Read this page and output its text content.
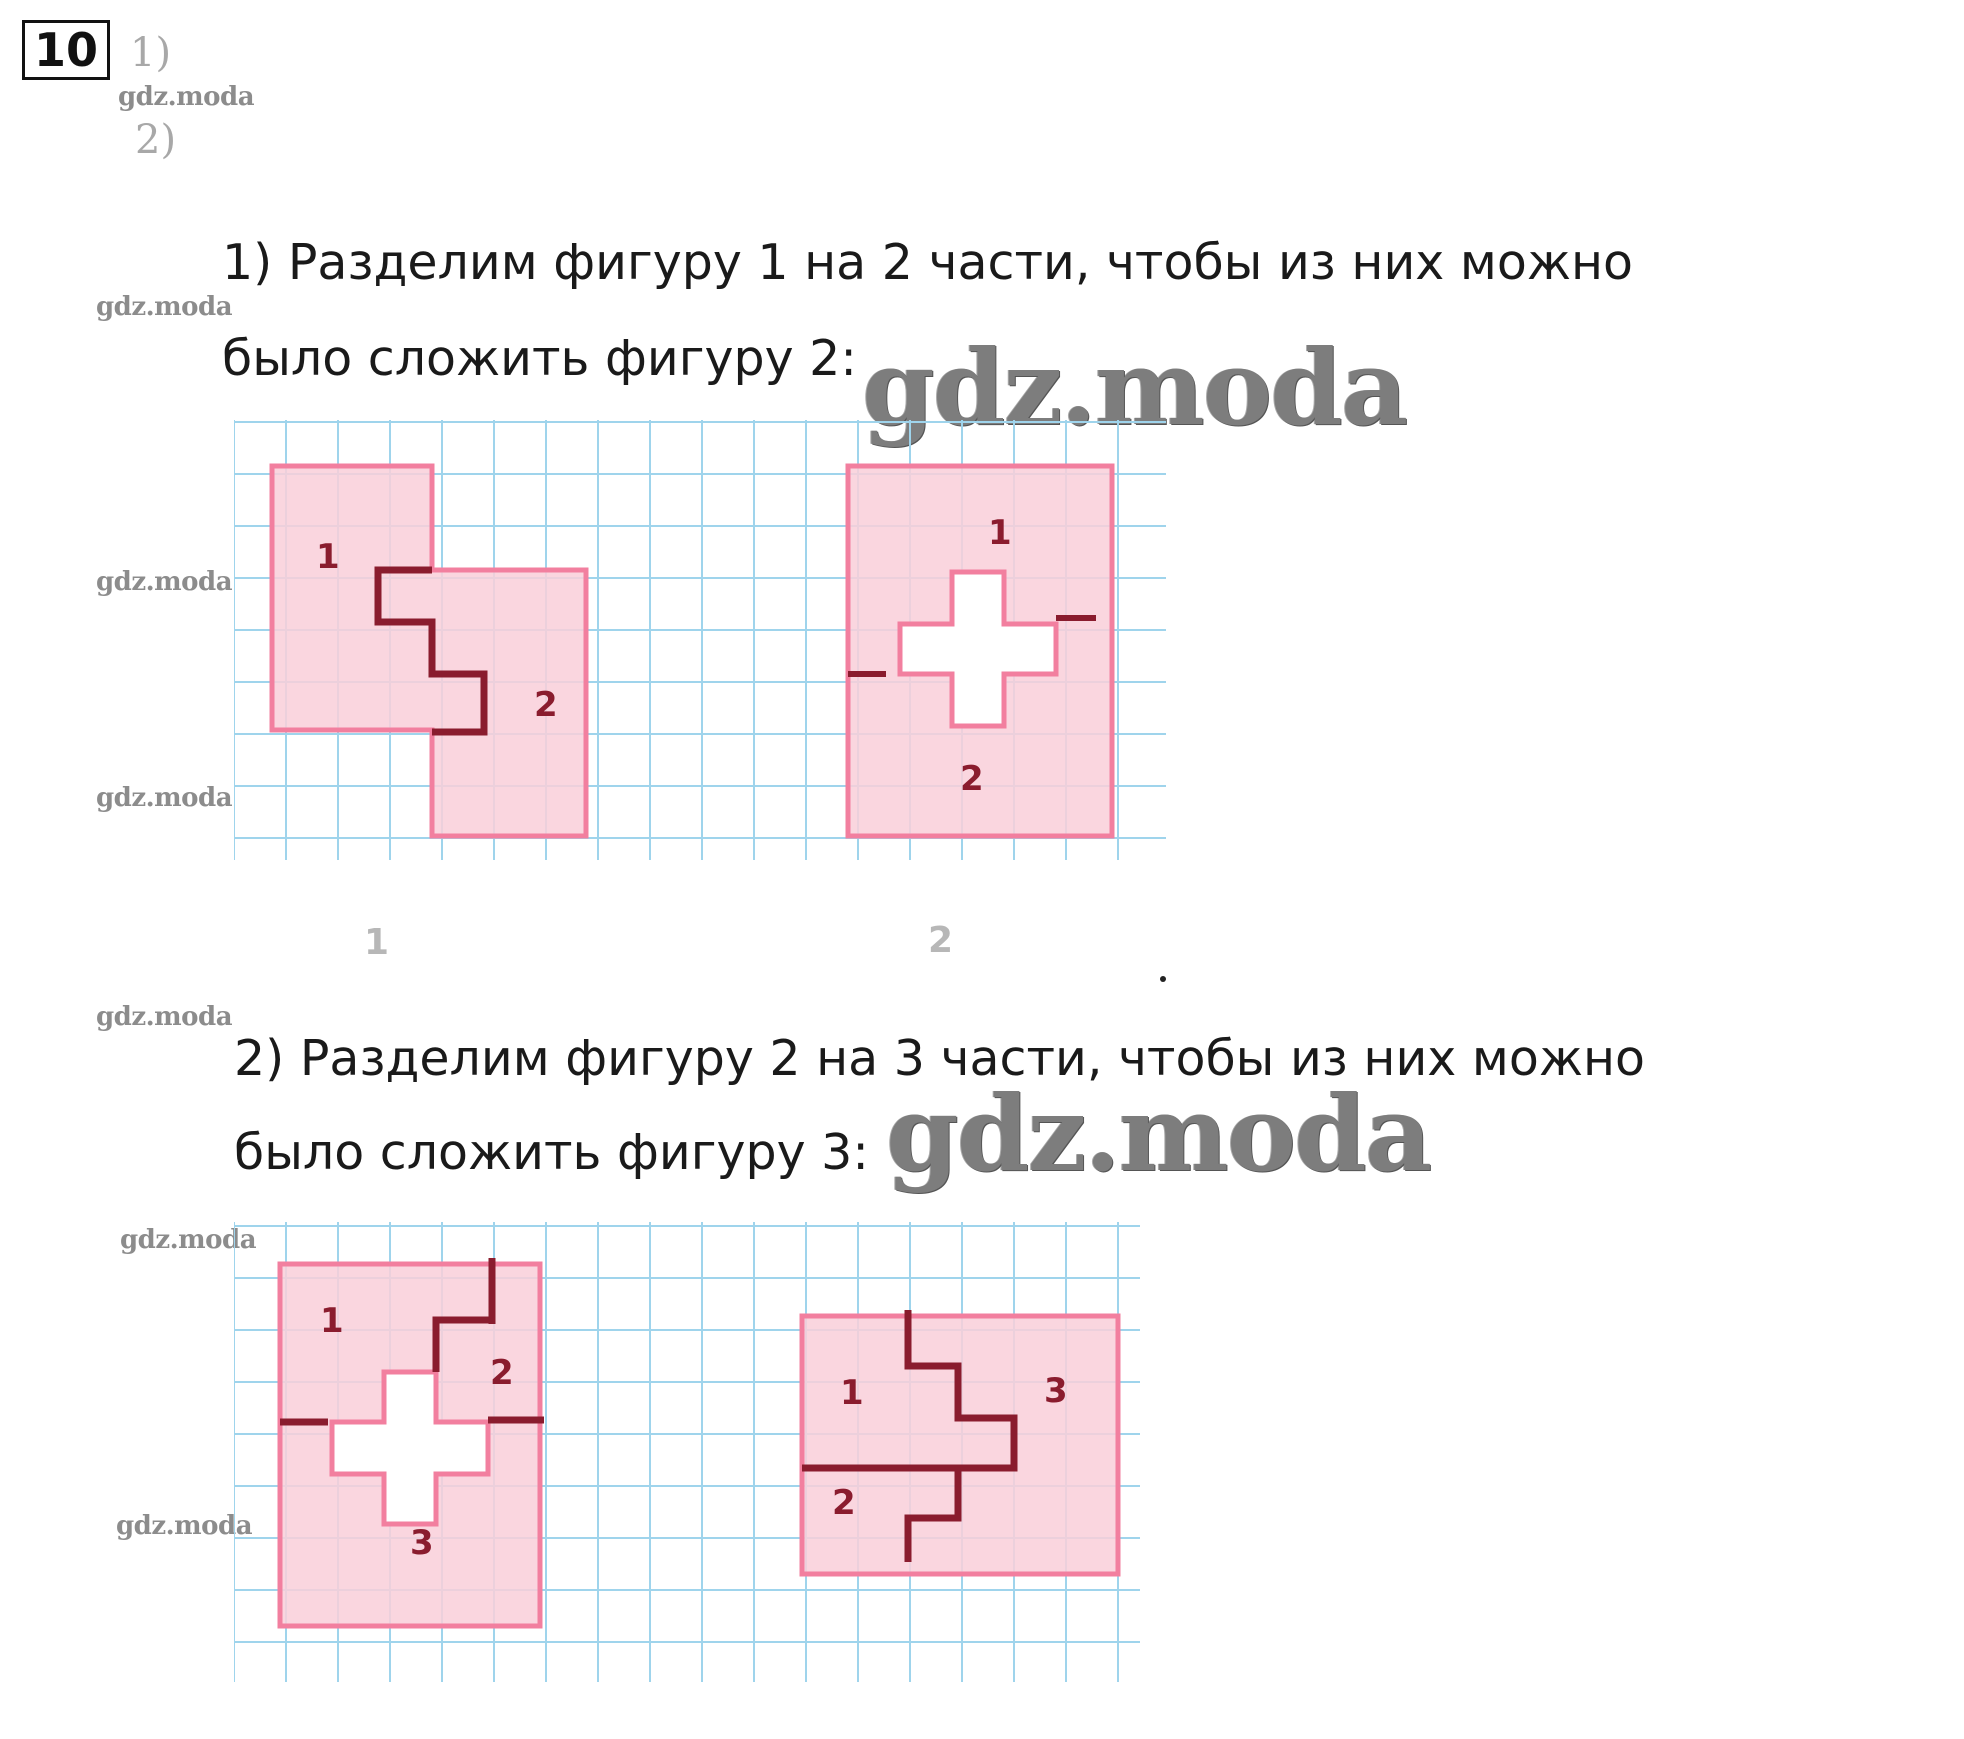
10 1)
2)
gdz.moda
gdz.moda
gdz.moda
gdz.moda
gdz.moda
gdz.moda
gdz.moda
1) Разделим фигуру 1 на 2 части, чтобы из них можно
было сложить фигуру 2: gdz.moda
1
2
1
2
1	2
2) Разделим фигуру 2 на 3 части, чтобы из них можно
было сложить фигуру 3: gdz.moda
1
2
3
1	3
2
